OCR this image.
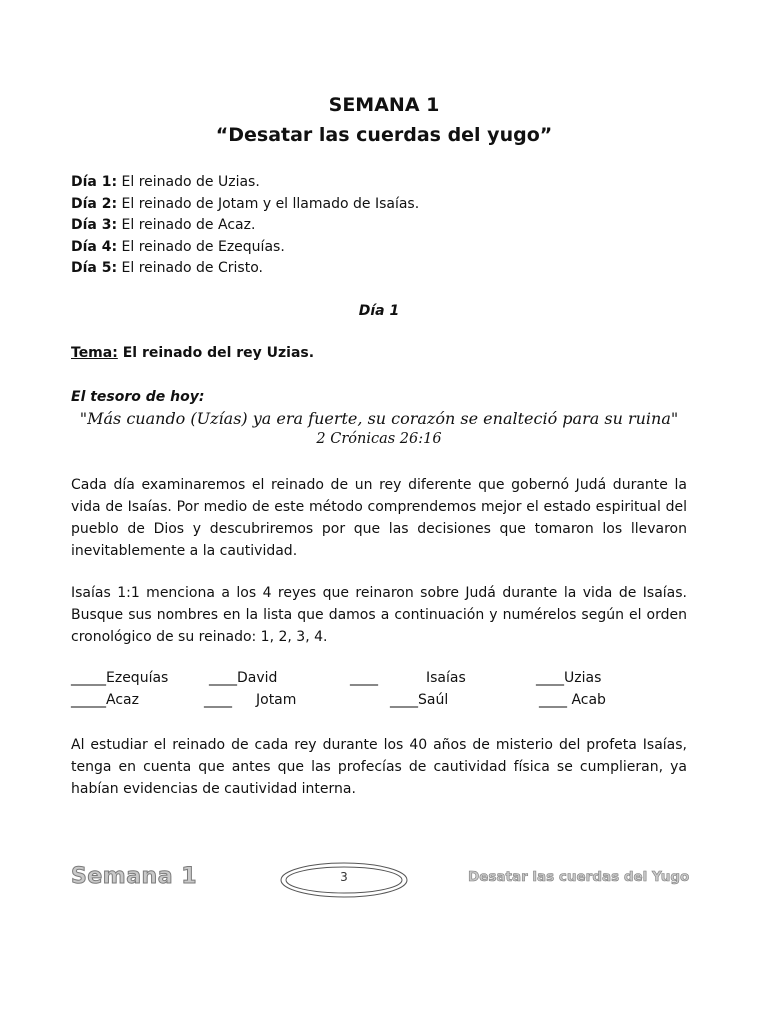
SEMANA 1
“Desatar las cuerdas del yugo”
Día 1: El reinado de Uzias.
Día 2: El reinado de Jotam y el llamado de Isaías.
Día 3: El reinado de Acaz.
Día 4: El reinado de Ezequías.
Día 5: El reinado de Cristo.
Día 1
Tema: El reinado del rey Uzias.
El tesoro de hoy:
"Más cuando (Uzías) ya era fuerte, su corazón se enalteció para su ruina"
2 Crónicas 26:16

Cada día examinaremos el reinado de un rey diferente que gobernó Judá durante la vida de Isaías. Por medio de este método comprendemos mejor el estado espiritual del pueblo de Dios y descubriremos por que las decisiones que tomaron los llevaron inevitablemente a la cautividad.

Isaías 1:1 menciona a los 4 reyes que reinaron sobre Judá durante la vida de Isaías. Busque sus nombres en la lista que damos a continuación y numérelos según el orden cronológico de su reinado: 1, 2, 3, 4.

_____Ezequías	____David	____	Isaías	____Uzias
_____Acaz	____ Jotam	____Saúl	____ Acab

Al estudiar el reinado de cada rey durante los 40 años de misterio del profeta Isaías, tenga en cuenta que antes que las profecías de cautividad física se cumplieran, ya habían evidencias de cautividad interna.

Semana 1	3	Desatar las cuerdas del Yugo
